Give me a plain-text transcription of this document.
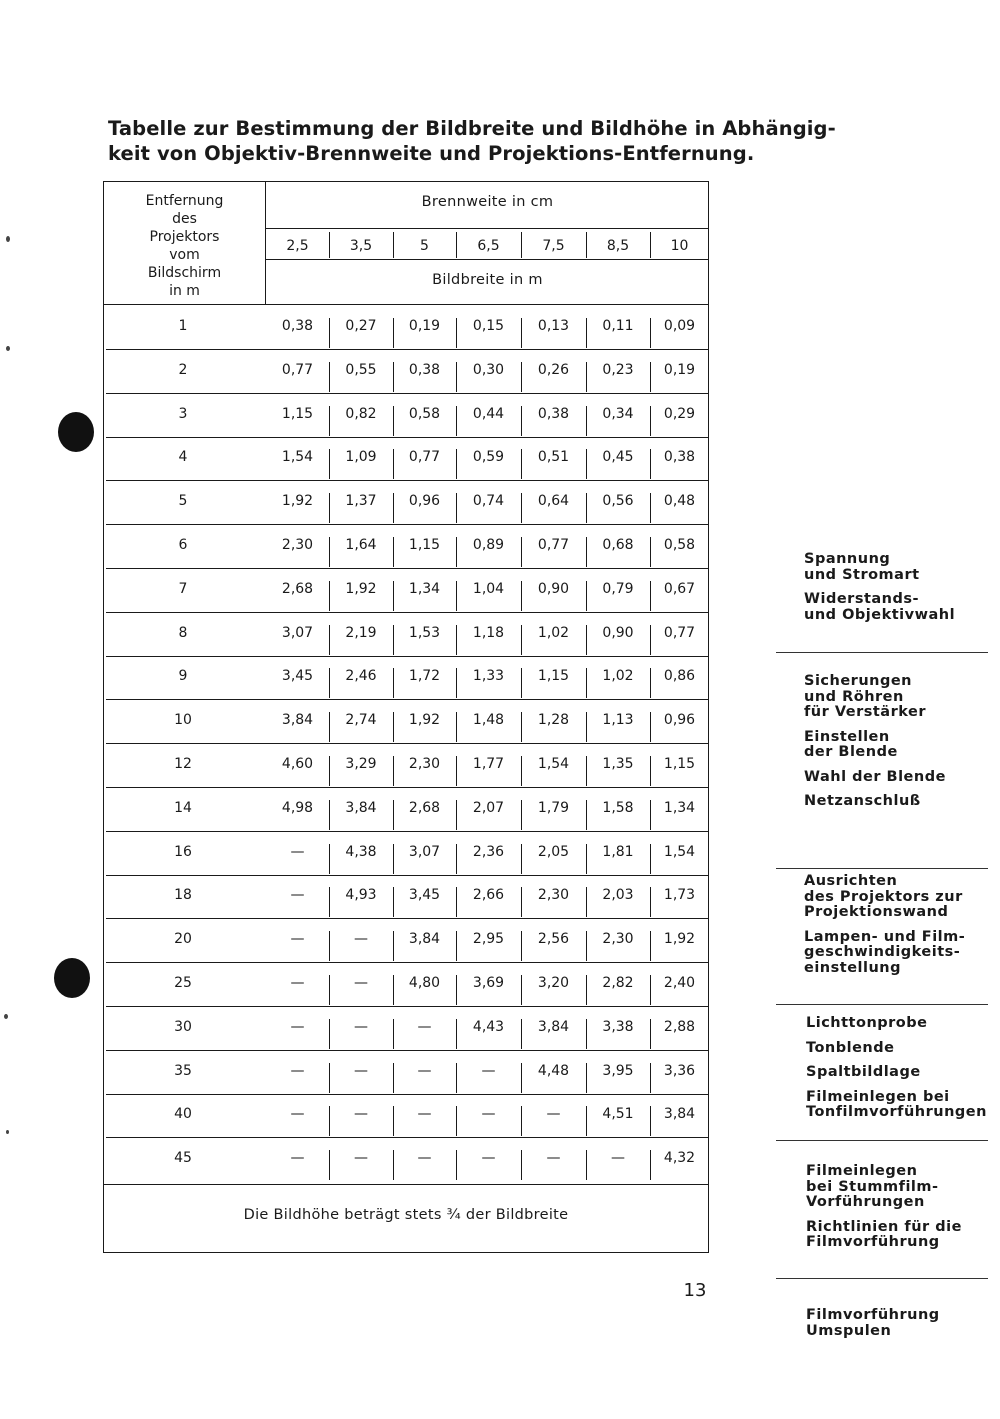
Tabelle zur Bestimmung der Bildbreite und Bildhöhe in Abhängig-
keit von Objektiv-Brennweite und Projektions-Entfernung.
Entfernung
des
Projektors
vom
Bildschirm
in m
Brennweite in cm
2,5	3,5	5	6,5	7,5	8,5	10
Bildbreite in m
1	0,38	0,27	0,19	0,15	0,13	0,11	0,09
2	0,77	0,55	0,38	0,30	0,26	0,23	0,19
3	1,15	0,82	0,58	0,44	0,38	0,34	0,29
4	1,54	1,09	0,77	0,59	0,51	0,45	0,38
5	1,92	1,37	0,96	0,74	0,64	0,56	0,48
6	2,30	1,64	1,15	0,89	0,77	0,68	0,58
7	2,68	1,92	1,34	1,04	0,90	0,79	0,67
8	3,07	2,19	1,53	1,18	1,02	0,90	0,77
9	3,45	2,46	1,72	1,33	1,15	1,02	0,86
10	3,84	2,74	1,92	1,48	1,28	1,13	0,96
12	4,60	3,29	2,30	1,77	1,54	1,35	1,15
14	4,98	3,84	2,68	2,07	1,79	1,58	1,34
16	—	4,38	3,07	2,36	2,05	1,81	1,54
18	—	4,93	3,45	2,66	2,30	2,03	1,73
20	—	—	3,84	2,95	2,56	2,30	1,92
25	—	—	4,80	3,69	3,20	2,82	2,40
30	—	—	—	4,43	3,84	3,38	2,88
35	—	—	—	—	4,48	3,95	3,36
40	—	—	—	—	—	4,51	3,84
45	—	—	—	—	—	—	4,32
Die Bildhöhe beträgt stets ¾ der Bildbreite
13
Spannung
und Stromart
Widerstands-
und Objektivwahl
Sicherungen
und Röhren
für Verstärker
Einstellen
der Blende
Wahl der Blende
Netzanschluß
Ausrichten
des Projektors zur
Projektionswand
Lampen- und Film-
geschwindigkeits-
einstellung
Lichttonprobe
Tonblende
Spaltbildlage
Filmeinlegen bei
Tonfilmvorführungen
Filmeinlegen
bei Stummfilm-
Vorführungen
Richtlinien für die
Filmvorführung
Filmvorführung
Umspulen
